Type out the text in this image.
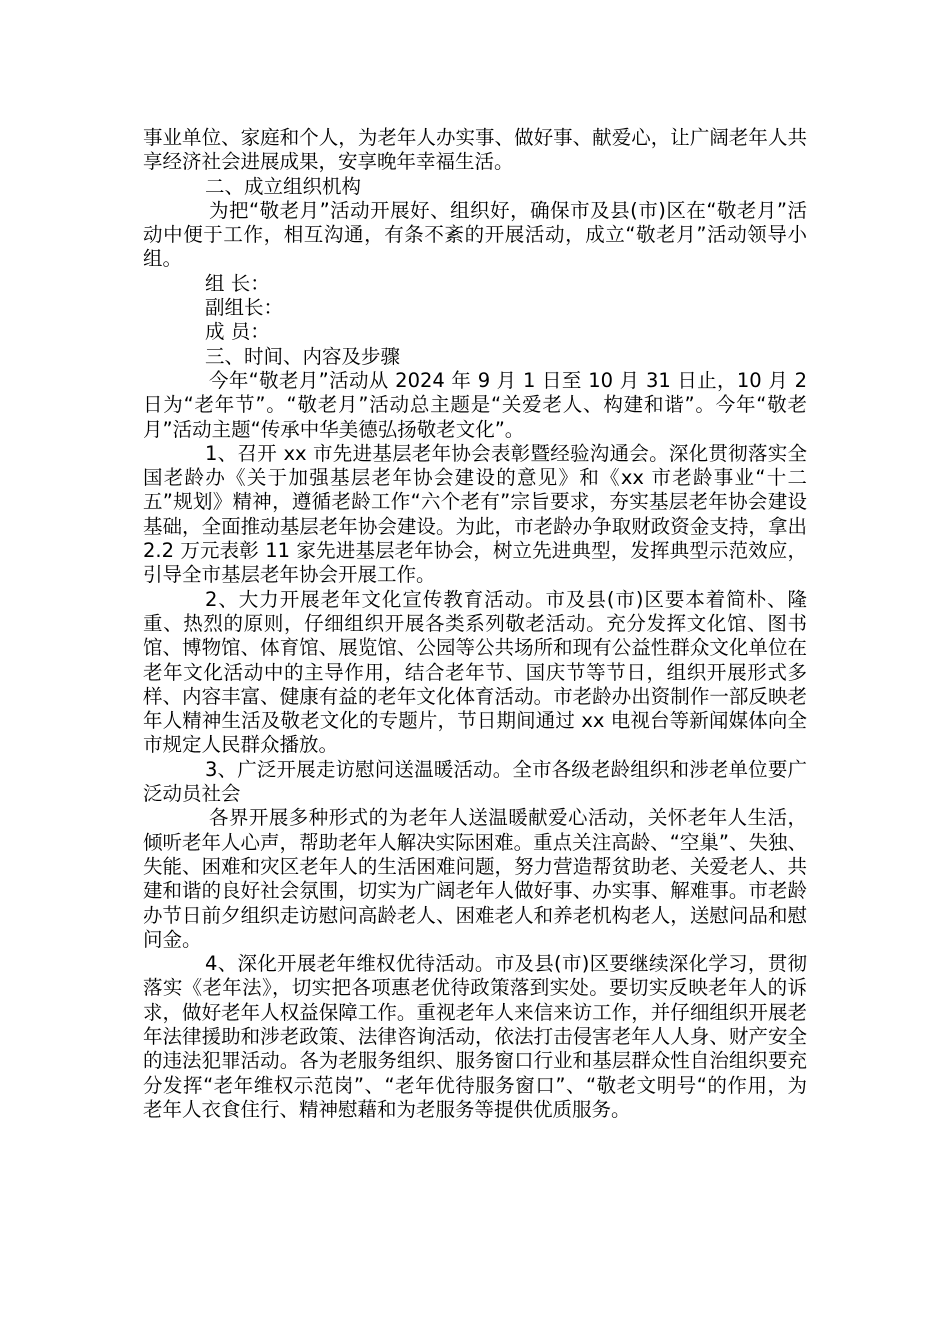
事业单位、家庭和个人，为老年人办实事、做好事、献爱心，让广阔老年人共享经济社会进展成果，安享晚年幸福生活。

二、成立组织机构

为把“敬老月”活动开展好、组织好，确保市及县(市)区在“敬老月”活动中便于工作，相互沟通，有条不紊的开展活动，成立“敬老月”活动领导小组。

组 长：

副组长：

成 员：

三、时间、内容及步骤

今年“敬老月”活动从 2024 年 9 月 1 日至 10 月 31 日止，10 月 2 日为“老年节”。“敬老月”活动总主题是“关爱老人、构建和谐”。今年“敬老月”活动主题“传承中华美德弘扬敬老文化”。

1、召开 xx 市先进基层老年协会表彰暨经验沟通会。深化贯彻落实全国老龄办《关于加强基层老年协会建设的意见》和《xx 市老龄事业“十二五”规划》精神，遵循老龄工作“六个老有”宗旨要求，夯实基层老年协会建设基础，全面推动基层老年协会建设。为此，市老龄办争取财政资金支持，拿出 2.2 万元表彰 11 家先进基层老年协会，树立先进典型，发挥典型示范效应，引导全市基层老年协会开展工作。

2、大力开展老年文化宣传教育活动。市及县(市)区要本着简朴、隆重、热烈的原则，仔细组织开展各类系列敬老活动。充分发挥文化馆、图书馆、博物馆、体育馆、展览馆、公园等公共场所和现有公益性群众文化单位在老年文化活动中的主导作用，结合老年节、国庆节等节日，组织开展形式多样、内容丰富、健康有益的老年文化体育活动。市老龄办出资制作一部反映老年人精神生活及敬老文化的专题片，节日期间通过 xx 电视台等新闻媒体向全市规定人民群众播放。

3、广泛开展走访慰问送温暖活动。全市各级老龄组织和涉老单位要广泛动员社会

各界开展多种形式的为老年人送温暖献爱心活动，关怀老年人生活，倾听老年人心声，帮助老年人解决实际困难。重点关注高龄、“空巢”、失独、失能、困难和灾区老年人的生活困难问题，努力营造帮贫助老、关爱老人、共建和谐的良好社会氛围，切实为广阔老年人做好事、办实事、解难事。市老龄办节日前夕组织走访慰问高龄老人、困难老人和养老机构老人，送慰问品和慰问金。

4、深化开展老年维权优待活动。市及县(市)区要继续深化学习，贯彻落实《老年法》，切实把各项惠老优待政策落到实处。要切实反映老年人的诉求，做好老年人权益保障工作。重视老年人来信来访工作，并仔细组织开展老年法律援助和涉老政策、法律咨询活动，依法打击侵害老年人人身、财产安全的违法犯罪活动。各为老服务组织、服务窗口行业和基层群众性自治组织要充分发挥“老年维权示范岗”、“老年优待服务窗口”、“敬老文明号“的作用，为老年人衣食住行、精神慰藉和为老服务等提供优质服务。
